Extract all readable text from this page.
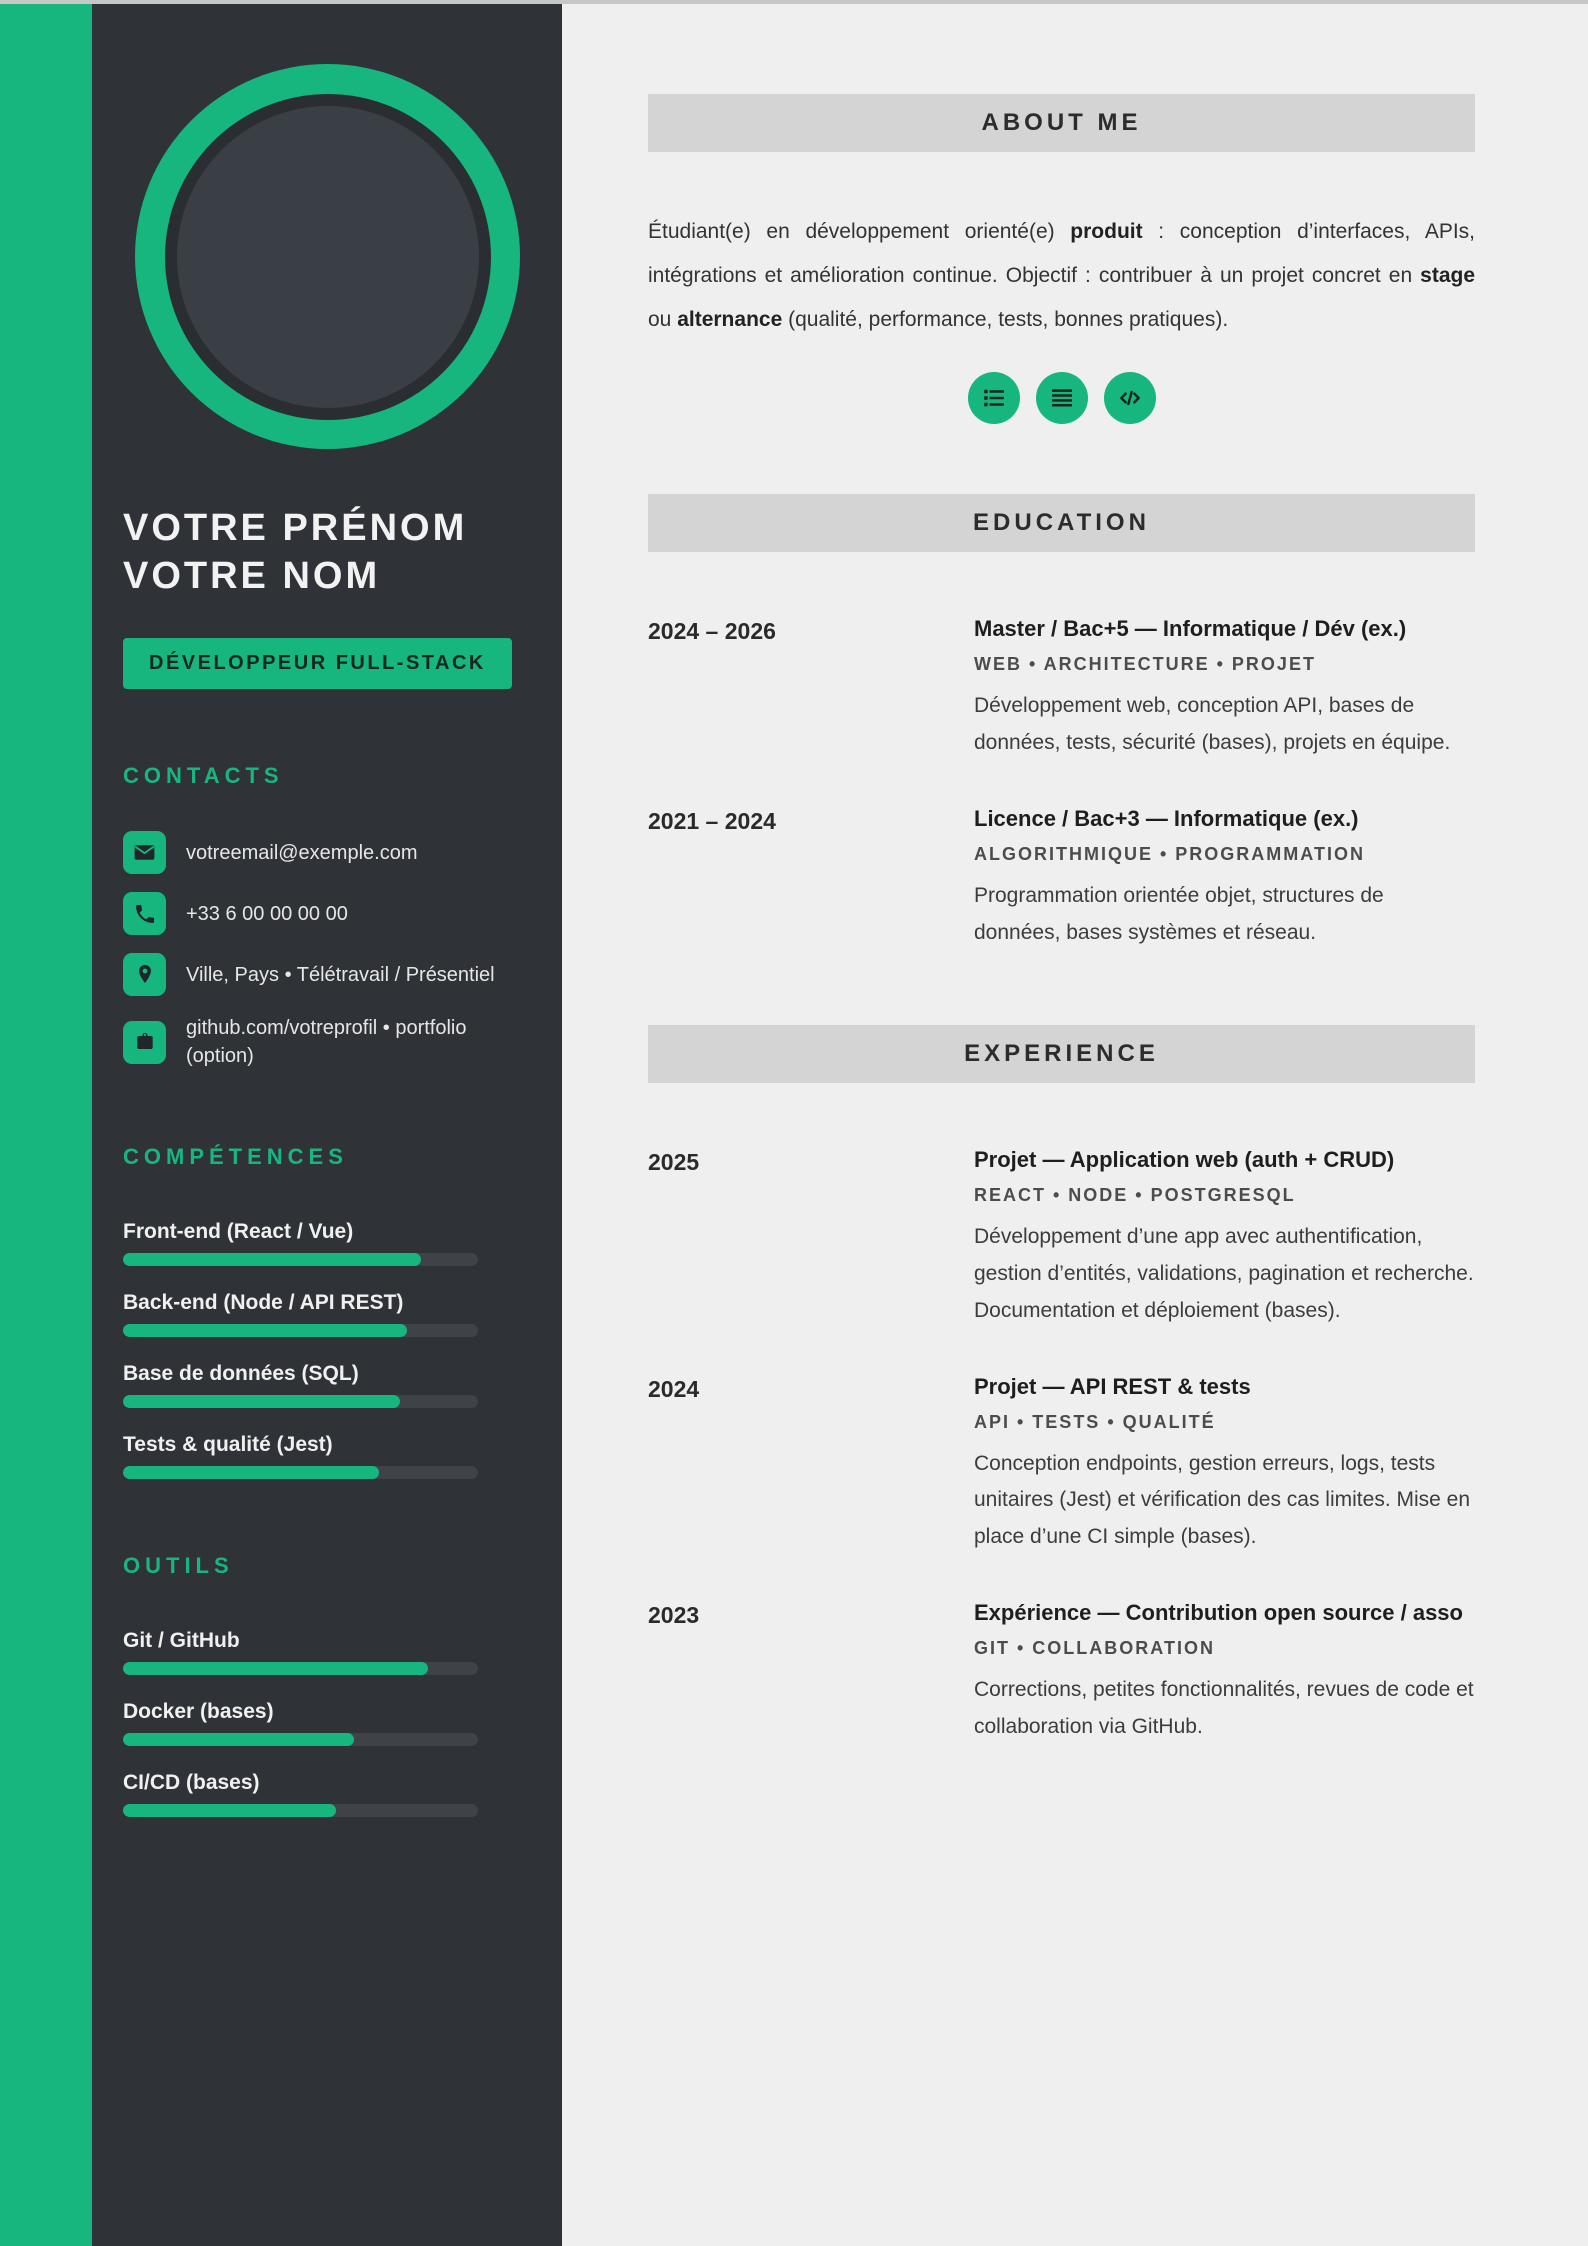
VOTRE PRÉNOM
VOTRE NOM
DÉVELOPPEUR FULL-STACK
CONTACTS
votreemail@exemple.com
+33 6 00 00 00 00
Ville, Pays • Télétravail / Présentiel
github.com/votreprofil • portfolio (option)
COMPÉTENCES
Front-end (React / Vue)
Back-end (Node / API REST)
Base de données (SQL)
Tests & qualité (Jest)
OUTILS
Git / GitHub
Docker (bases)
CI/CD (bases)
ABOUT ME

Étudiant(e) en développement orienté(e) produit : conception d’interfaces, APIs, intégrations et amélioration continue. Objectif : contribuer à un projet concret en stage ou alternance (qualité, performance, tests, bonnes pratiques).

EDUCATION
2024 – 2026	Master / Bac+5 — Informatique / Dév (ex.)
WEB • ARCHITECTURE • PROJET

Développement web, conception API, bases de données, tests, sécurité (bases), projets en équipe.

2021 – 2024	Licence / Bac+3 — Informatique (ex.)
ALGORITHMIQUE • PROGRAMMATION

Programmation orientée objet, structures de données, bases systèmes et réseau.

EXPERIENCE
2025	Projet — Application web (auth + CRUD)
REACT • NODE • POSTGRESQL

Développement d’une app avec authentification, gestion d’entités, validations, pagination et recherche. Documentation et déploiement (bases).

2024	Projet — API REST & tests
API • TESTS • QUALITÉ

Conception endpoints, gestion erreurs, logs, tests unitaires (Jest) et vérification des cas limites. Mise en place d’une CI simple (bases).

2023	Expérience — Contribution open source / asso
GIT • COLLABORATION

Corrections, petites fonctionnalités, revues de code et collaboration via GitHub.
